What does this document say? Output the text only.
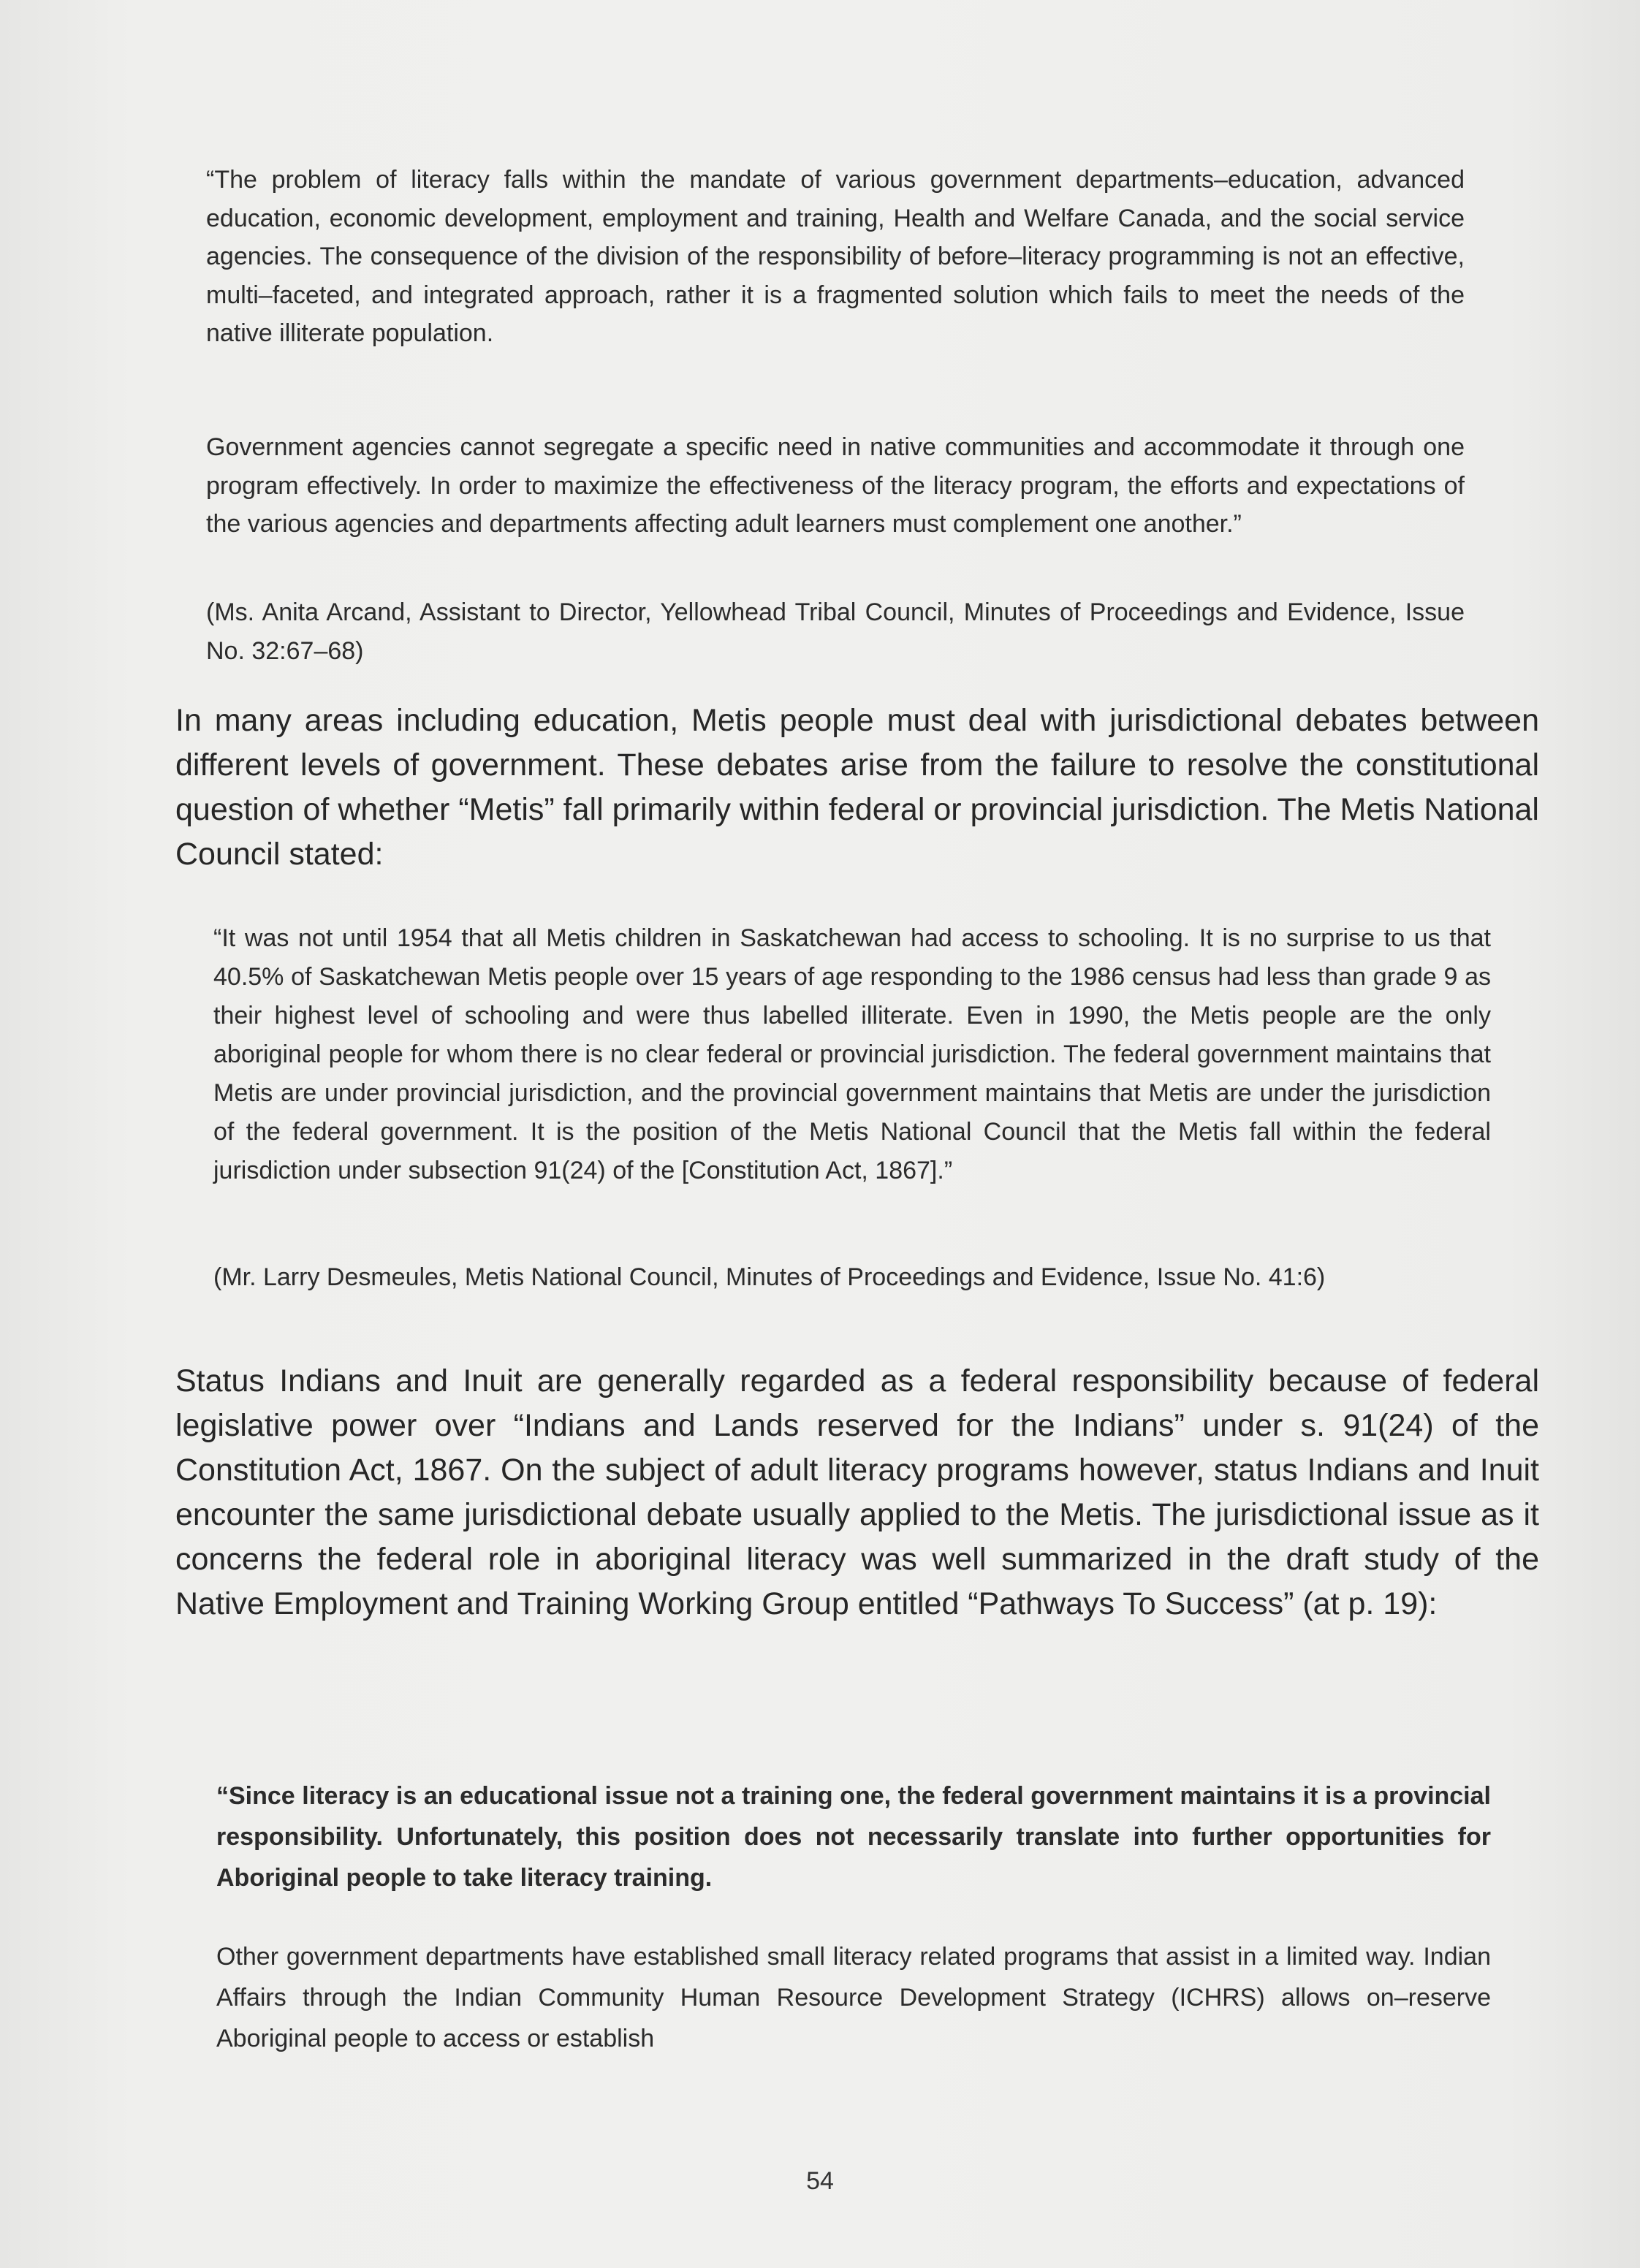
“The problem of literacy falls within the mandate of various government departments–education, advanced education, economic development, employment and training, Health and Welfare Canada, and the social service agencies. The consequence of the division of the responsibility of before–literacy programming is not an effective, multi–faceted, and integrated approach, rather it is a fragmented solution which fails to meet the needs of the native illiterate population.

Government agencies cannot segregate a specific need in native communities and accommodate it through one program effectively. In order to maximize the effectiveness of the literacy program, the efforts and expectations of the various agencies and departments affecting adult learners must complement one another.”

(Ms. Anita Arcand, Assistant to Director, Yellowhead Tribal Council, Minutes of Proceedings and Evidence, Issue No. 32:67–68)

In many areas including education, Metis people must deal with jurisdictional debates between different levels of government. These debates arise from the failure to resolve the constitutional question of whether “Metis” fall primarily within federal or provincial jurisdiction. The Metis National Council stated:

“It was not until 1954 that all Metis children in Saskatchewan had access to schooling. It is no surprise to us that 40.5% of Saskatchewan Metis people over 15 years of age responding to the 1986 census had less than grade 9 as their highest level of schooling and were thus labelled illiterate. Even in 1990, the Metis people are the only aboriginal people for whom there is no clear federal or provincial jurisdiction. The federal government maintains that Metis are under provincial jurisdiction, and the provincial government maintains that Metis are under the jurisdiction of the federal government. It is the position of the Metis National Council that the Metis fall within the federal jurisdiction under subsection 91(24) of the [Constitution Act, 1867].”

(Mr. Larry Desmeules, Metis National Council, Minutes of Proceedings and Evidence, Issue No. 41:6)

Status Indians and Inuit are generally regarded as a federal responsibility because of federal legislative power over “Indians and Lands reserved for the Indians” under s. 91(24) of the Constitution Act, 1867. On the subject of adult literacy programs however, status Indians and Inuit encounter the same jurisdictional debate usually applied to the Metis. The jurisdictional issue as it concerns the federal role in aboriginal literacy was well summarized in the draft study of the Native Employment and Training Working Group entitled “Pathways To Success” (at p. 19):

“Since literacy is an educational issue not a training one, the federal government maintains it is a provincial responsibility. Unfortunately, this position does not necessarily translate into further opportunities for Aboriginal people to take literacy training.

Other government departments have established small literacy related programs that assist in a limited way. Indian Affairs through the Indian Community Human Resource Development Strategy (ICHRS) allows on–reserve Aboriginal people to access or establish

54
